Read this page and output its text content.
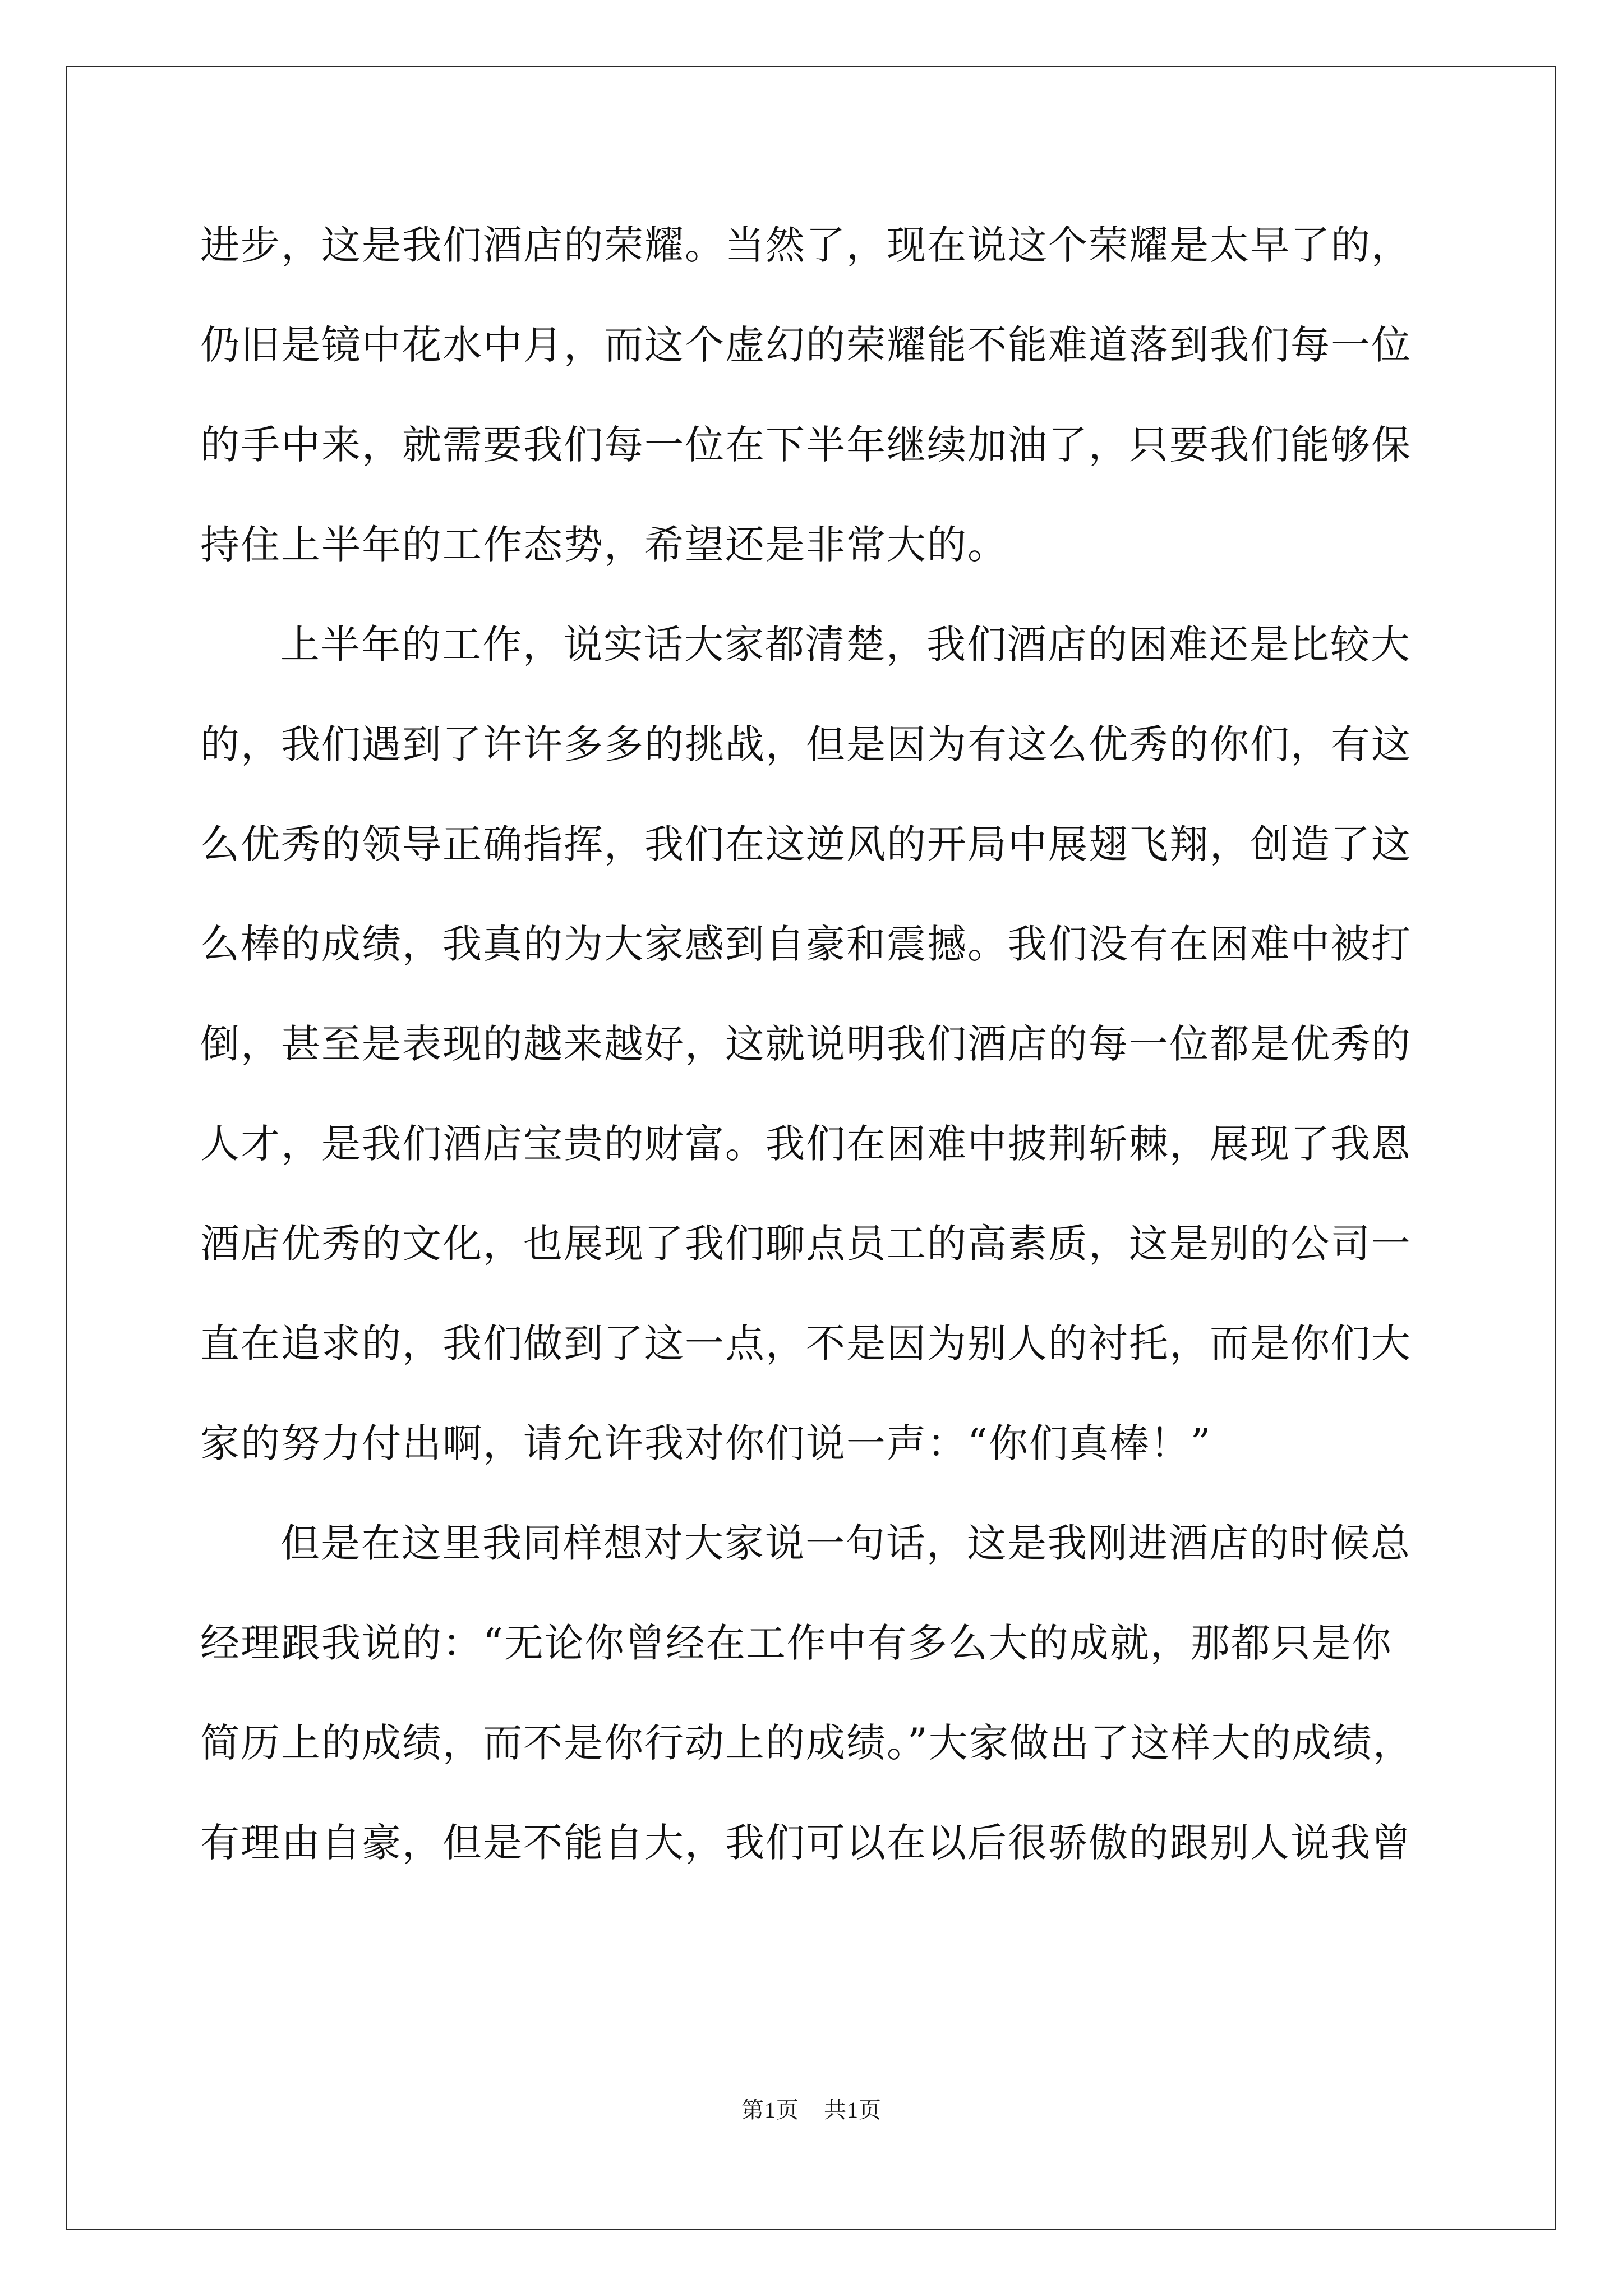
进步，这是我们酒店的荣耀。当然了，现在说这个荣耀是太早了的，
仍旧是镜中花水中月，而这个虚幻的荣耀能不能难道落到我们每一位
的手中来，就需要我们每一位在下半年继续加油了，只要我们能够保
持住上半年的工作态势，希望还是非常大的。
上半年的工作，说实话大家都清楚，我们酒店的困难还是比较大
的，我们遇到了许许多多的挑战，但是因为有这么优秀的你们，有这
么优秀的领导正确指挥，我们在这逆风的开局中展翅飞翔，创造了这
么棒的成绩，我真的为大家感到自豪和震撼。我们没有在困难中被打
倒，甚至是表现的越来越好，这就说明我们酒店的每一位都是优秀的
人才，是我们酒店宝贵的财富。我们在困难中披荆斩棘，展现了我恩
酒店优秀的文化，也展现了我们聊点员工的高素质，这是别的公司一
直在追求的，我们做到了这一点，不是因为别人的衬托，而是你们大
家的努力付出啊，请允许我对你们说一声：“你们真棒！”
但是在这里我同样想对大家说一句话，这是我刚进酒店的时候总
经理跟我说的：“无论你曾经在工作中有多么大的成就，那都只是你
简历上的成绩，而不是你行动上的成绩。”大家做出了这样大的成绩，
有理由自豪，但是不能自大，我们可以在以后很骄傲的跟别人说我曾
第1页 共1页
